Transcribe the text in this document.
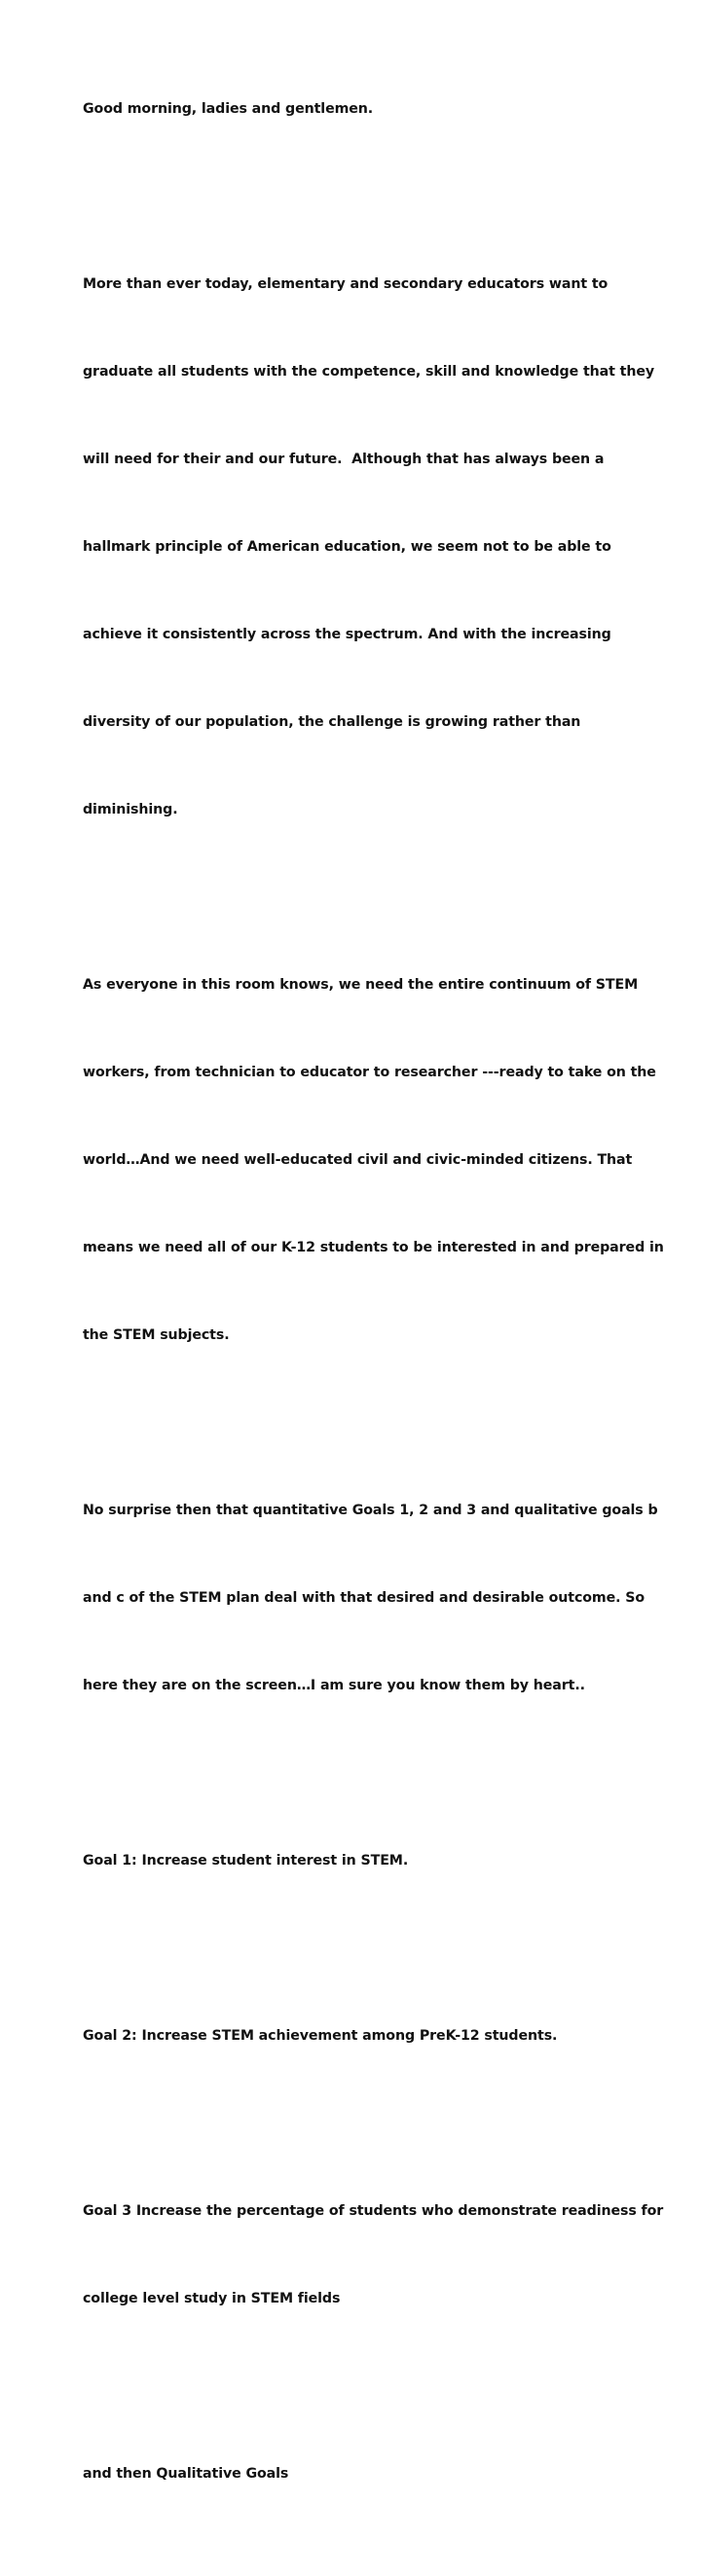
Good morning, ladies and gentlemen.

More than ever today, elementary and secondary educators want to

graduate all students with the competence, skill and knowledge that they

will need for their and our future.  Although that has always been a

hallmark principle of American education, we seem not to be able to

achieve it consistently across the spectrum. And with the increasing

diversity of our population, the challenge is growing rather than

diminishing.

As everyone in this room knows, we need the entire continuum of STEM

workers, from technician to educator to researcher ---ready to take on the

world…And we need well-educated civil and civic-minded citizens. That

means we need all of our K-12 students to be interested in and prepared in

the STEM subjects.

No surprise then that quantitative Goals 1, 2 and 3 and qualitative goals b

and c of the STEM plan deal with that desired and desirable outcome. So

here they are on the screen…I am sure you know them by heart..

Goal 1: Increase student interest in STEM.

Goal 2: Increase STEM achievement among PreK-12 students.

Goal 3 Increase the percentage of students who demonstrate readiness for

college level study in STEM fields

and then Qualitative Goals
